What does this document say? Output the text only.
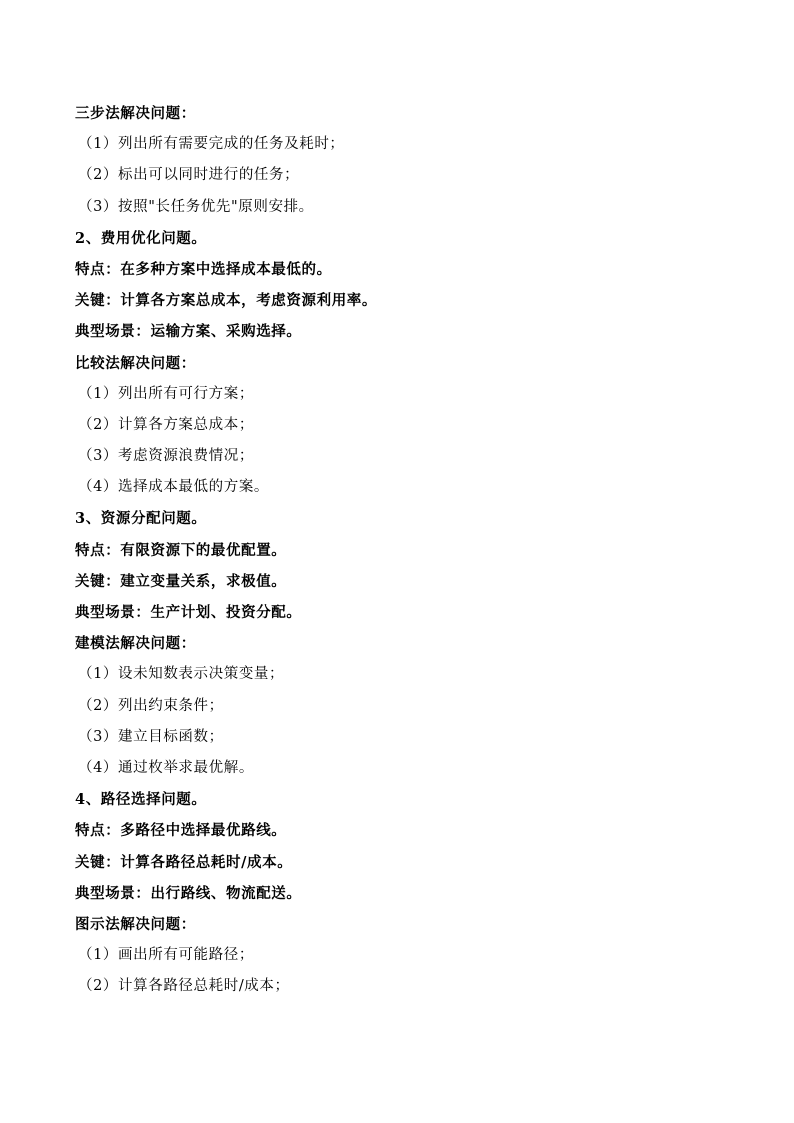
三步法解决问题：
（1）列出所有需要完成的任务及耗时；
（2）标出可以同时进行的任务；
（3）按照"长任务优先"原则安排。
2、费用优化问题。
特点：在多种方案中选择成本最低的。
关键：计算各方案总成本，考虑资源利用率。
典型场景：运输方案、采购选择。
比较法解决问题：
（1）列出所有可行方案；
（2）计算各方案总成本；
（3）考虑资源浪费情况；
（4）选择成本最低的方案。
3、资源分配问题。
特点：有限资源下的最优配置。
关键：建立变量关系，求极值。
典型场景：生产计划、投资分配。
建模法解决问题：
（1）设未知数表示决策变量；
（2）列出约束条件；
（3）建立目标函数；
（4）通过枚举求最优解。
4、路径选择问题。
特点：多路径中选择最优路线。
关键：计算各路径总耗时/成本。
典型场景：出行路线、物流配送。
图示法解决问题：
（1）画出所有可能路径；
（2）计算各路径总耗时/成本；
